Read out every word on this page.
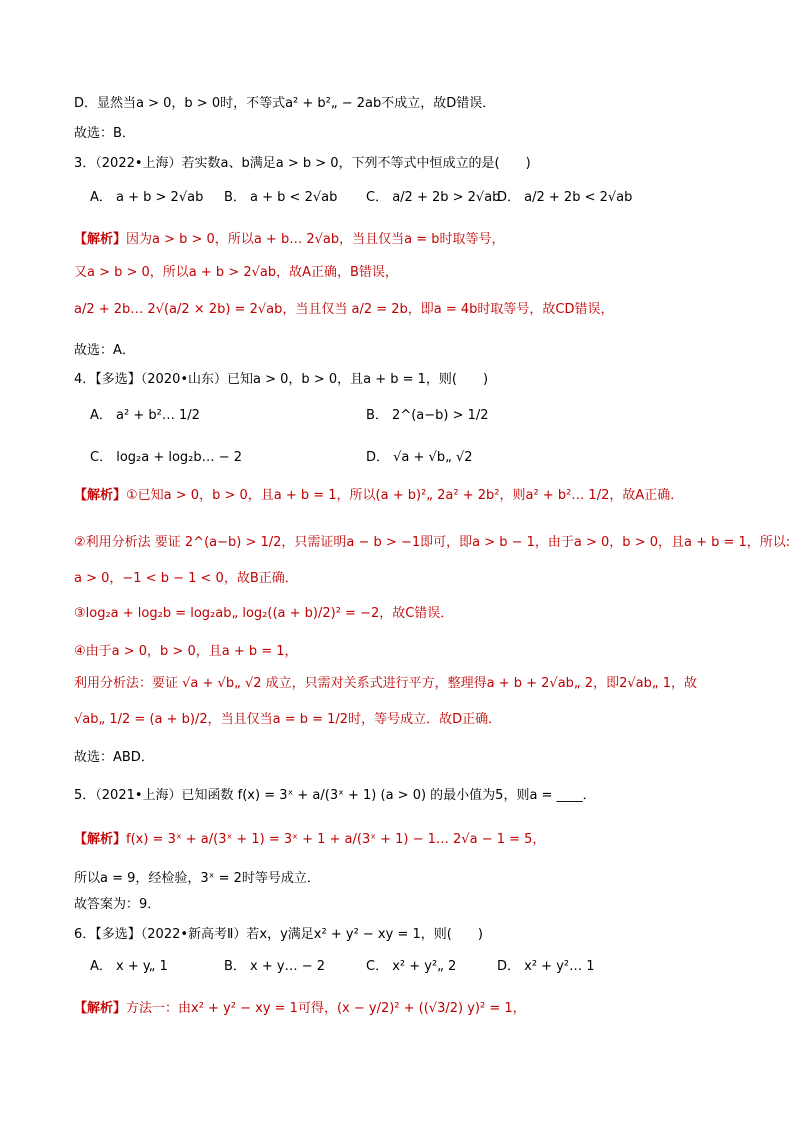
D．显然当a > 0，b > 0时，不等式a² + b²„ − 2ab不成立，故D错误．
故选：B．
3．（2022•上海）若实数a、b满足a > b > 0，下列不等式中恒成立的是(　　)
A． a + b > 2√ab B． a + b < 2√ab C． a/2 + 2b > 2√ab
D． a/2 + 2b < 2√ab
【解析】因为a > b > 0，所以a + b… 2√ab，当且仅当a = b时取等号，
又a > b > 0，所以a + b > 2√ab，故A正确，B错误，
a/2 + 2b… 2√(a/2 × 2b) = 2√ab，当且仅当 a/2 = 2b，即a = 4b时取等号，故CD错误，
故选：A．
4．【多选】（2020•山东）已知a > 0，b > 0，且a + b = 1，则(　　)
A． a² + b²… 1/2	B． 2^(a−b) > 1/2
C． log₂a + log₂b… − 2	D． √a + √b„ √2
【解析】①已知a > 0，b > 0，且a + b = 1，所以(a + b)²„ 2a² + 2b²，则a² + b²… 1/2，故A正确．
②利用分析法 要证 2^(a−b) > 1/2，只需证明a − b > −1即可，即a > b − 1，由于a > 0，b > 0，且a + b = 1，所以:
a > 0，−1 < b − 1 < 0，故B正确．
③log₂a + log₂b = log₂ab„ log₂((a + b)/2)² = −2，故C错误．
④由于a > 0，b > 0，且a + b = 1，
利用分析法：要证 √a + √b„ √2 成立，只需对关系式进行平方，整理得a + b + 2√ab„ 2，即2√ab„ 1，故
√ab„ 1/2 = (a + b)/2，当且仅当a = b = 1/2时，等号成立．故D正确．
故选：ABD．
5．（2021•上海）已知函数 f(x) = 3ˣ + a/(3ˣ + 1) (a > 0) 的最小值为5，则a = ____．
【解析】f(x) = 3ˣ + a/(3ˣ + 1) = 3ˣ + 1 + a/(3ˣ + 1) − 1… 2√a − 1 = 5，
所以a = 9，经检验，3ˣ = 2时等号成立．
故答案为：9．
6．【多选】（2022•新高考Ⅱ）若x，y满足x² + y² − xy = 1，则(　　)
A． x + y„ 1	B． x + y… − 2	C． x² + y²„ 2	D． x² + y²… 1
【解析】方法一：由x² + y² − xy = 1可得，(x − y/2)² + ((√3/2) y)² = 1，
